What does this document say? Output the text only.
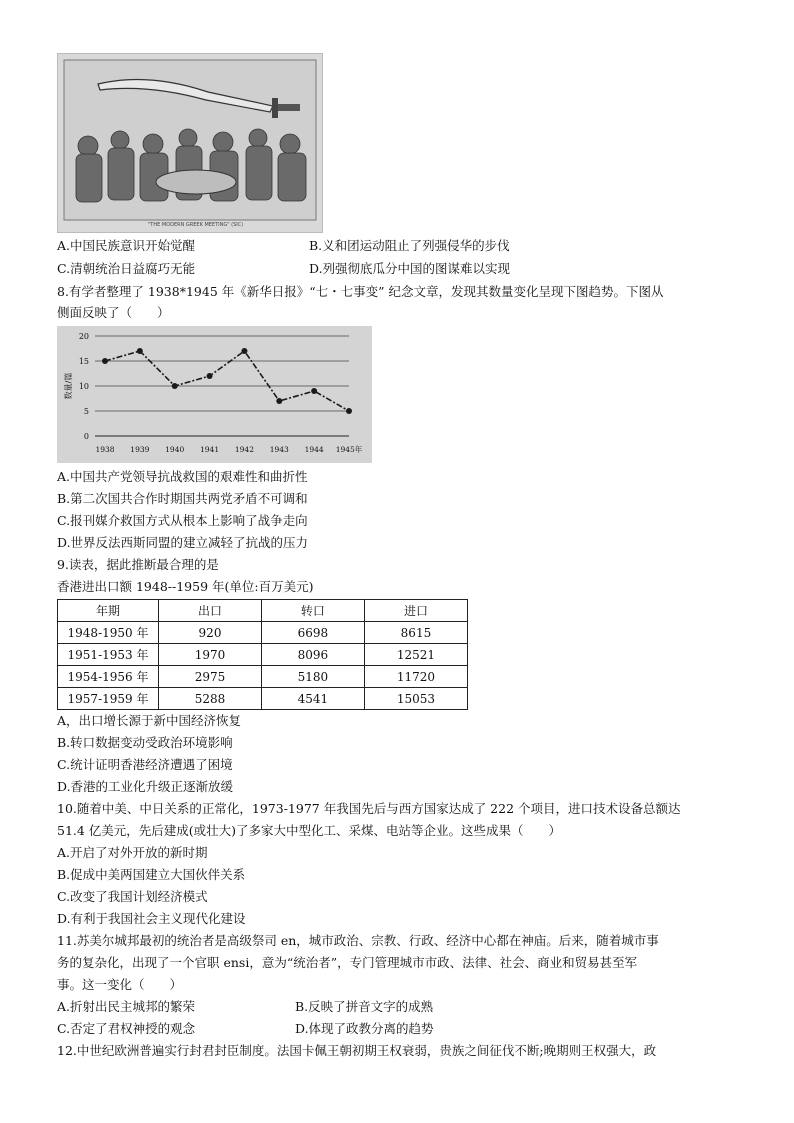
"THE MODERN GREEK MEETING" (SIC)
A.中国民族意识开始觉醒	B.义和团运动阻止了列强侵华的步伐
C.清朝统治日益腐巧无能	D.列强彻底瓜分中国的图谋难以实现
8.有学者整理了 1938*1945 年《新华日报》“七・七事变” 纪念文章，发现其数量变化呈现下图趋势。下图从
侧面反映了（　　）
0
5
10
15
20
数量/篇
1938 1939 1940 1941 1942 1943 1944 1945年
A.中国共产党领导抗战救国的艰难性和曲折性
B.第二次国共合作时期国共两党矛盾不可调和
C.报刊媒介救国方式从根本上影响了战争走向
D.世界反法西斯同盟的建立减轻了抗战的压力
9.读表，据此推断最合理的是
香港进出口额 1948--1959 年(单位:百万美元)
年期	出口	转口	进口
1948-1950 年	920	6698	8615
1951-1953 年	1970	8096	12521
1954-1956 年	2975	5180	11720
1957-1959 年	5288	4541	15053
A，出口增长源于新中国经济恢复
B.转口数据变动受政治环境影响
C.统计证明香港经济遭遇了困境
D.香港的工业化升级正逐渐放缓
10.随着中美、中日关系的正常化，1973-1977 年我国先后与西方国家达成了 222 个项目，进口技术设备总额达
51.4 亿美元，先后建成(或壮大)了多家大中型化工、采煤、电站等企业。这些成果（　　）
A.开启了对外开放的新时期
B.促成中美两国建立大国伙伴关系
C.改变了我国计划经济模式
D.有利于我国社会主义现代化建设
11.苏美尔城邦最初的统治者是高级祭司 en，城市政治、宗教、行政、经济中心都在神庙。后来，随着城市事
务的复杂化，出现了一个官职 ensi，意为“统治者”，专门管理城市市政、法律、社会、商业和贸易甚至军
事。这一变化（　　）
A.折射出民主城邦的繁荣	B.反映了拼音文字的成熟
C.否定了君权神授的观念	D.体现了政教分离的趋势
12.中世纪欧洲普遍实行封君封臣制度。法国卡佩王朝初期王权衰弱，贵族之间征伐不断;晚期则王权强大，政
